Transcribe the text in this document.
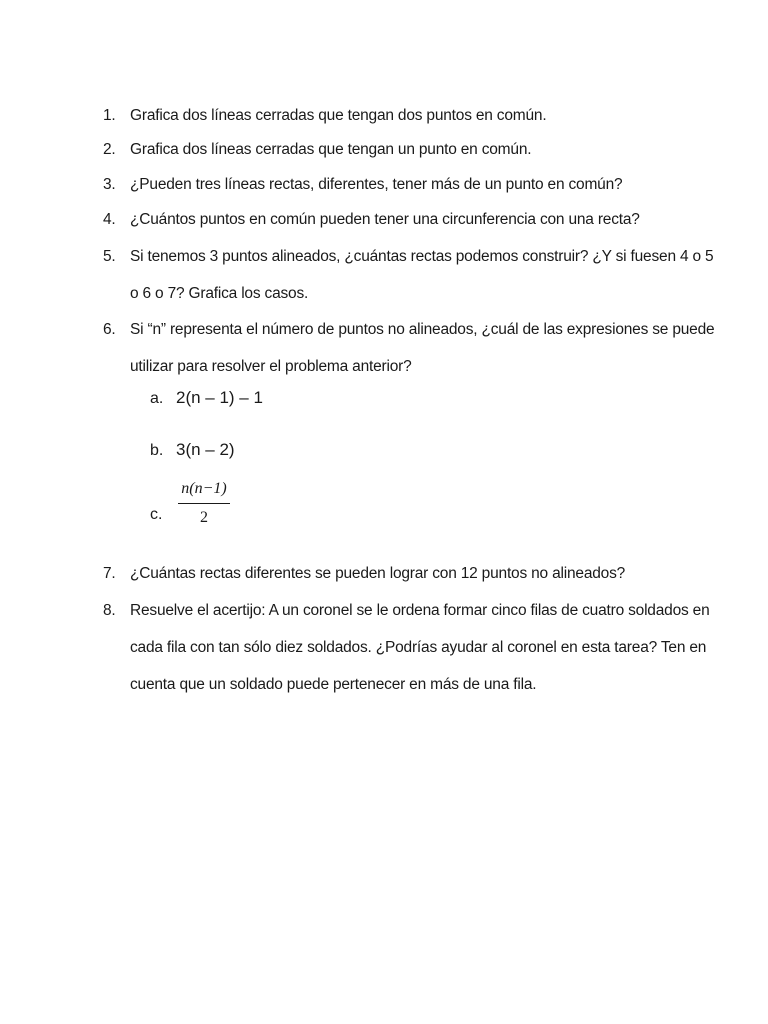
1. Grafica dos líneas cerradas que tengan dos puntos en común.
2. Grafica dos líneas cerradas que tengan un punto en común.
3. ¿Pueden tres líneas rectas, diferentes, tener más de un punto en común?
4. ¿Cuántos puntos en común pueden tener una circunferencia con una recta?
5. Si tenemos 3 puntos alineados, ¿cuántas rectas podemos construir? ¿Y si fuesen 4 o 5 o 6 o 7? Grafica los casos.
6. Si “n” representa el número de puntos no alineados, ¿cuál de las expresiones se puede utilizar para resolver el problema anterior?
a. 2(n – 1) – 1
b. 3(n – 2)
c.
n(n−1)
2
7. ¿Cuántas rectas diferentes se pueden lograr con 12 puntos no alineados?
8. Resuelve el acertijo: A un coronel se le ordena formar cinco filas de cuatro soldados en cada fila con tan sólo diez soldados. ¿Podrías ayudar al coronel en esta tarea? Ten en cuenta que un soldado puede pertenecer en más de una fila.
